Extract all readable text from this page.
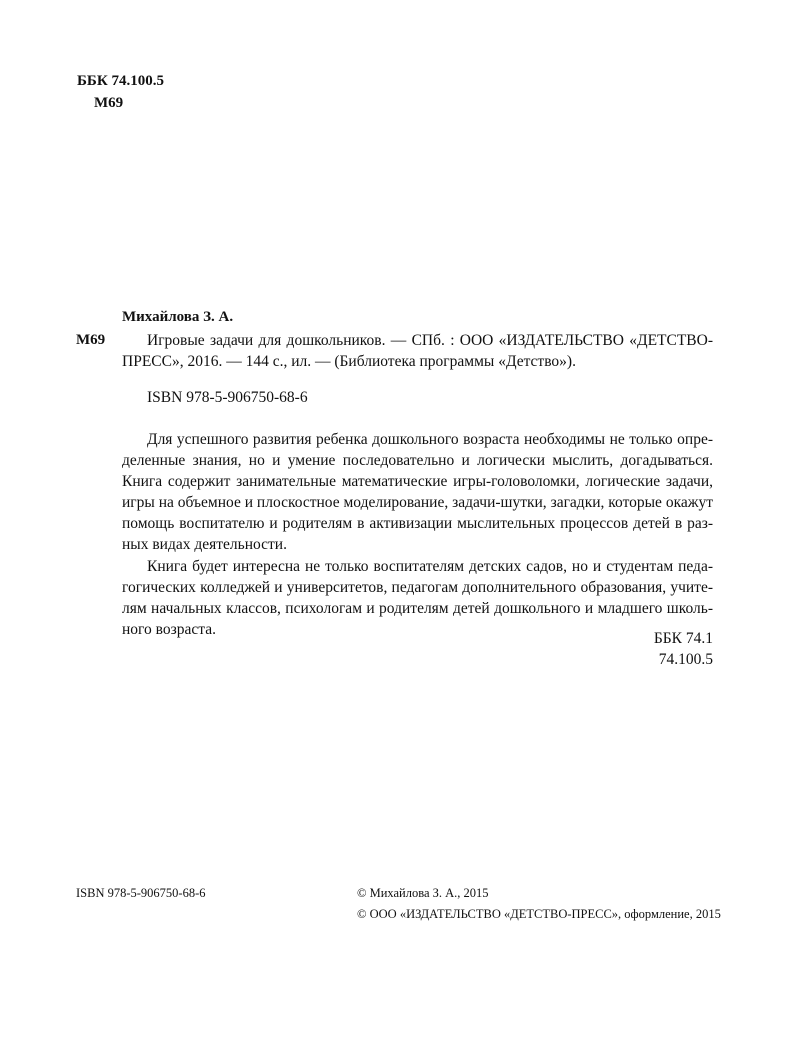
ББК 74.100.5
М69
Михайлова З. А.
М69	Игровые задачи для дошкольников. — СПб. : ООО «ИЗДАТЕЛЬСТВО «ДЕТСТВО-
ПРЕСС», 2016. — 144 с., ил. — (Библиотека программы «Детство»).
ISBN 978-5-906750-68-6
Для успешного развития ребенка дошкольного возраста необходимы не только опре-
деленные знания, но и умение последовательно и логически мыслить, догадываться.
Книга содержит занимательные математические игры-головоломки, логические задачи,
игры на объемное и плоскостное моделирование, задачи-шутки, загадки, которые окажут
помощь воспитателю и родителям в активизации мыслительных процессов детей в раз-
ных видах деятельности.
Книга будет интересна не только воспитателям детских садов, но и студентам педа-
гогических колледжей и университетов, педагогам дополнительного образования, учите-
лям начальных классов, психологам и родителям детей дошкольного и младшего школь-
ного возраста.
ББК 74.1
74.100.5
ISBN 978-5-906750-68-6	© Михайлова З. А., 2015
© ООО «ИЗДАТЕЛЬСТВО «ДЕТСТВО-ПРЕСС», оформление, 2015
